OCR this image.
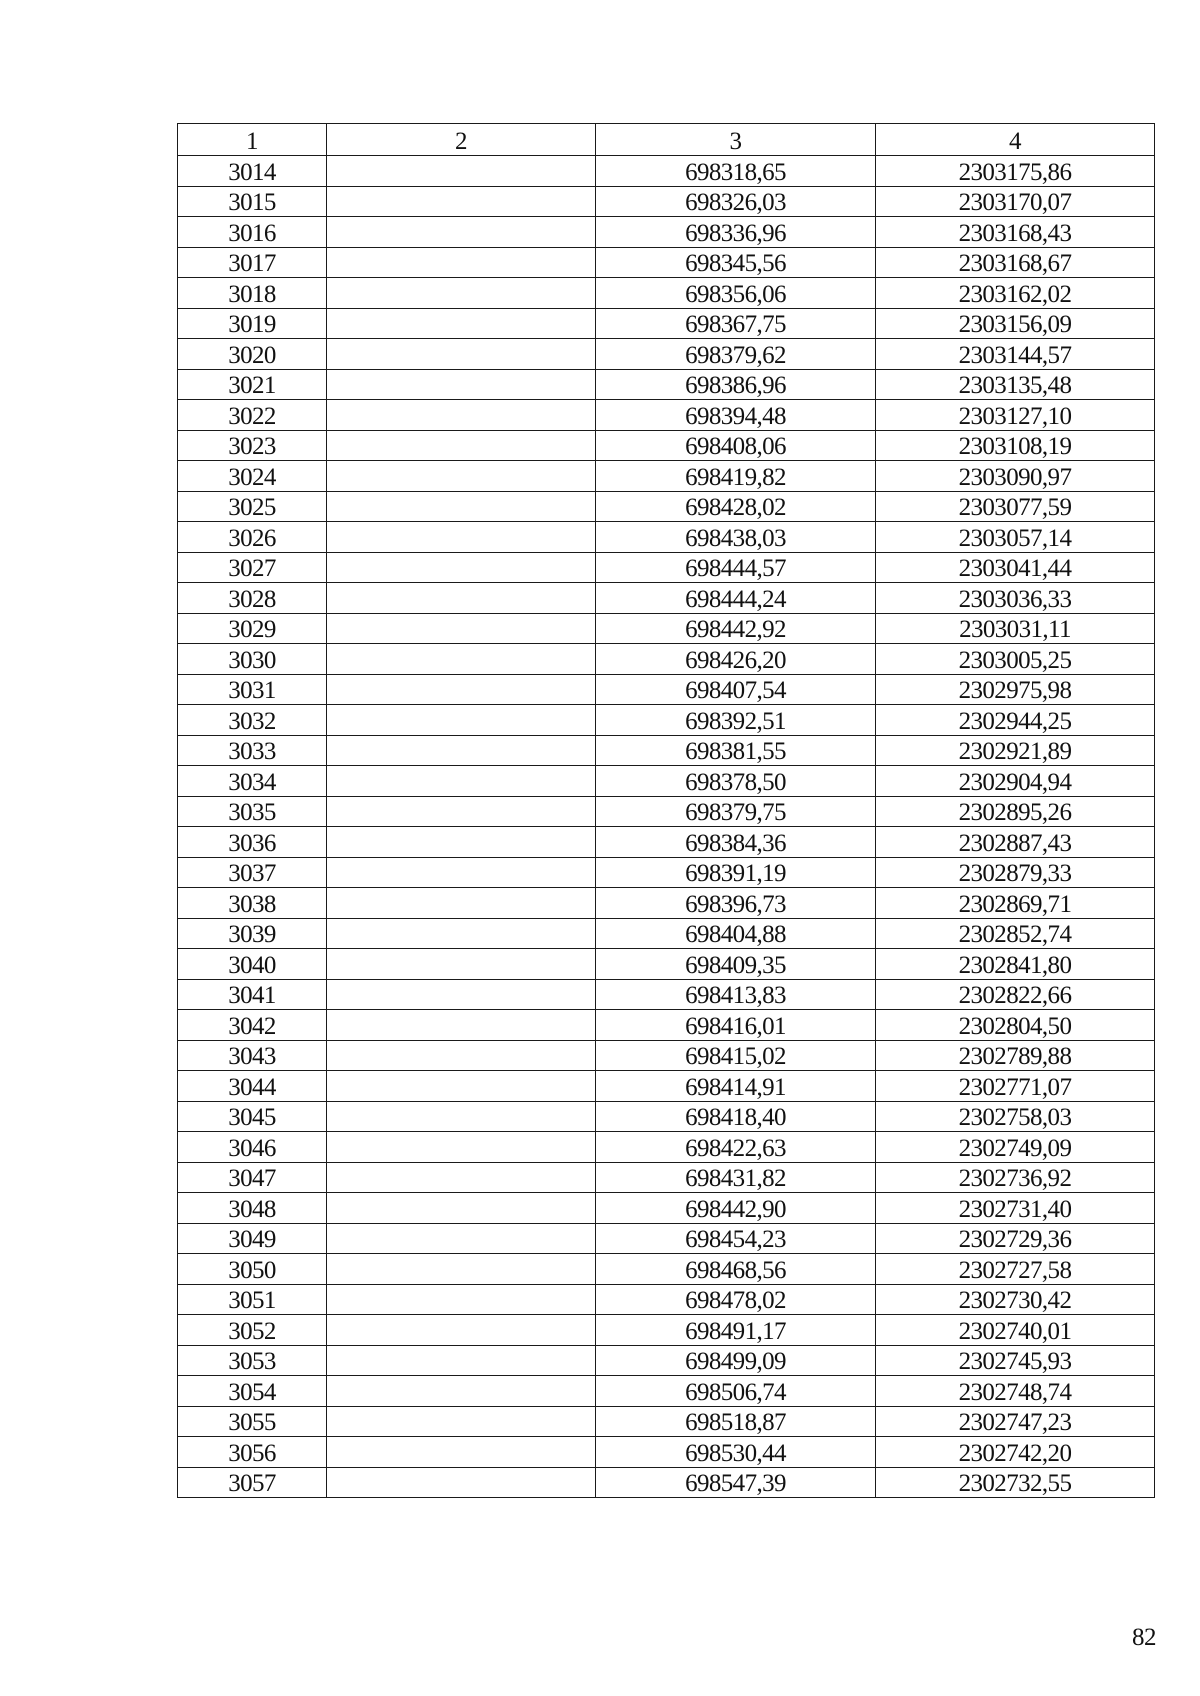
1	2	3	4
3014		698318,65	2303175,86
3015		698326,03	2303170,07
3016		698336,96	2303168,43
3017		698345,56	2303168,67
3018		698356,06	2303162,02
3019		698367,75	2303156,09
3020		698379,62	2303144,57
3021		698386,96	2303135,48
3022		698394,48	2303127,10
3023		698408,06	2303108,19
3024		698419,82	2303090,97
3025		698428,02	2303077,59
3026		698438,03	2303057,14
3027		698444,57	2303041,44
3028		698444,24	2303036,33
3029		698442,92	2303031,11
3030		698426,20	2303005,25
3031		698407,54	2302975,98
3032		698392,51	2302944,25
3033		698381,55	2302921,89
3034		698378,50	2302904,94
3035		698379,75	2302895,26
3036		698384,36	2302887,43
3037		698391,19	2302879,33
3038		698396,73	2302869,71
3039		698404,88	2302852,74
3040		698409,35	2302841,80
3041		698413,83	2302822,66
3042		698416,01	2302804,50
3043		698415,02	2302789,88
3044		698414,91	2302771,07
3045		698418,40	2302758,03
3046		698422,63	2302749,09
3047		698431,82	2302736,92
3048		698442,90	2302731,40
3049		698454,23	2302729,36
3050		698468,56	2302727,58
3051		698478,02	2302730,42
3052		698491,17	2302740,01
3053		698499,09	2302745,93
3054		698506,74	2302748,74
3055		698518,87	2302747,23
3056		698530,44	2302742,20
3057		698547,39	2302732,55
82
